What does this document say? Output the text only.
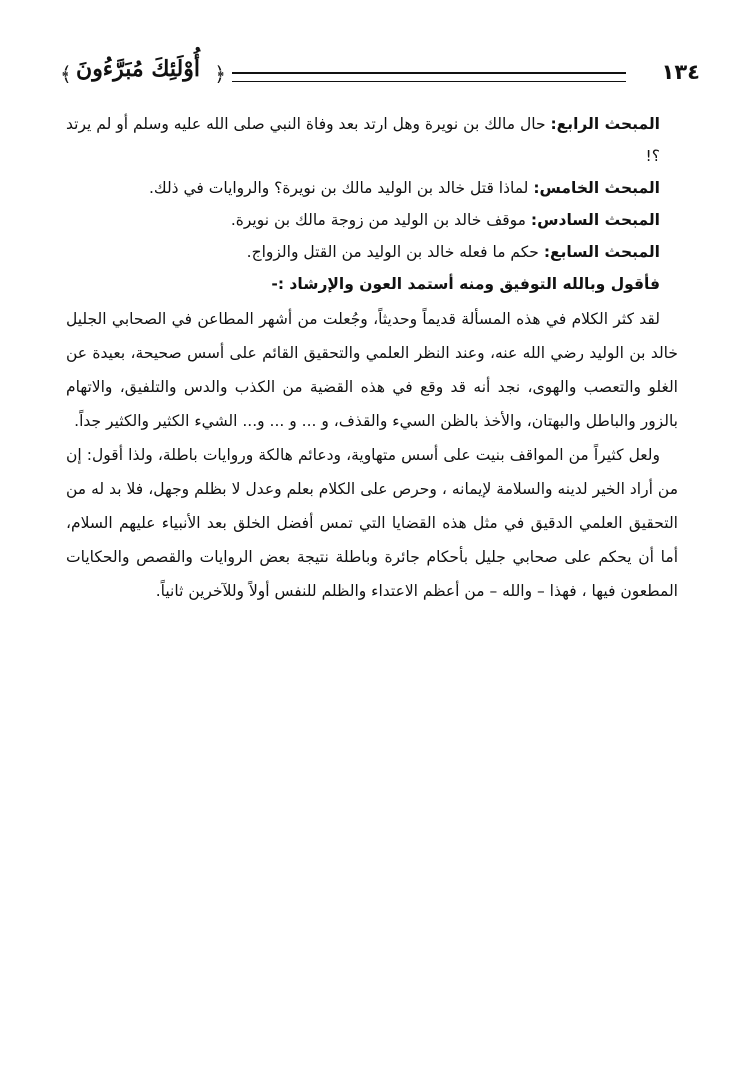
﴾ أُوْلَئِكَ مُبَرَّءُونَ ﴿	١٣٤

المبحث الرابع: حال مالك بن نويرة وهل ارتد بعد وفاة النبي صلى الله عليه وسلم أو لم يرتد ؟!

المبحث الخامس: لماذا قتل خالد بن الوليد مالك بن نويرة؟ والروايات في ذلك.

المبحث السادس: موقف خالد بن الوليد من زوجة مالك بن نويرة.

المبحث السابع: حكم ما فعله خالد بن الوليد من القتل والزواج.

فأقول وبالله التوفيق ومنه أستمد العون والإرشاد :-

لقد كثر الكلام في هذه المسألة قديماً وحديثاً، وجُعلت من أشهر المطاعن في الصحابي الجليل خالد بن الوليد رضي الله عنه، وعند النظر العلمي والتحقيق القائم على أسس صحيحة، بعيدة عن الغلو والتعصب والهوى، نجد أنه قد وقع في هذه القضية من الكذب والدس والتلفيق، والاتهام بالزور والباطل والبهتان، والأخذ بالظن السيء والقذف، و ... و ... و... الشيء الكثير والكثير جداً.

ولعل كثيراً من المواقف بنيت على أسس متهاوية، ودعائم هالكة وروايات باطلة، ولذا أقول: إن من أراد الخير لدينه والسلامة لإيمانه ، وحرص على الكلام بعلم وعدل لا بظلم وجهل، فلا بد له من التحقيق العلمي الدقيق في مثل هذه القضايا التي تمس أفضل الخلق بعد الأنبياء عليهم السلام، أما أن يحكم على صحابي جليل بأحكام جائرة وباطلة نتيجة بعض الروايات والقصص والحكايات المطعون فيها ، فهذا – والله – من أعظم الاعتداء والظلم للنفس أولاً وللآخرين ثانياً.
